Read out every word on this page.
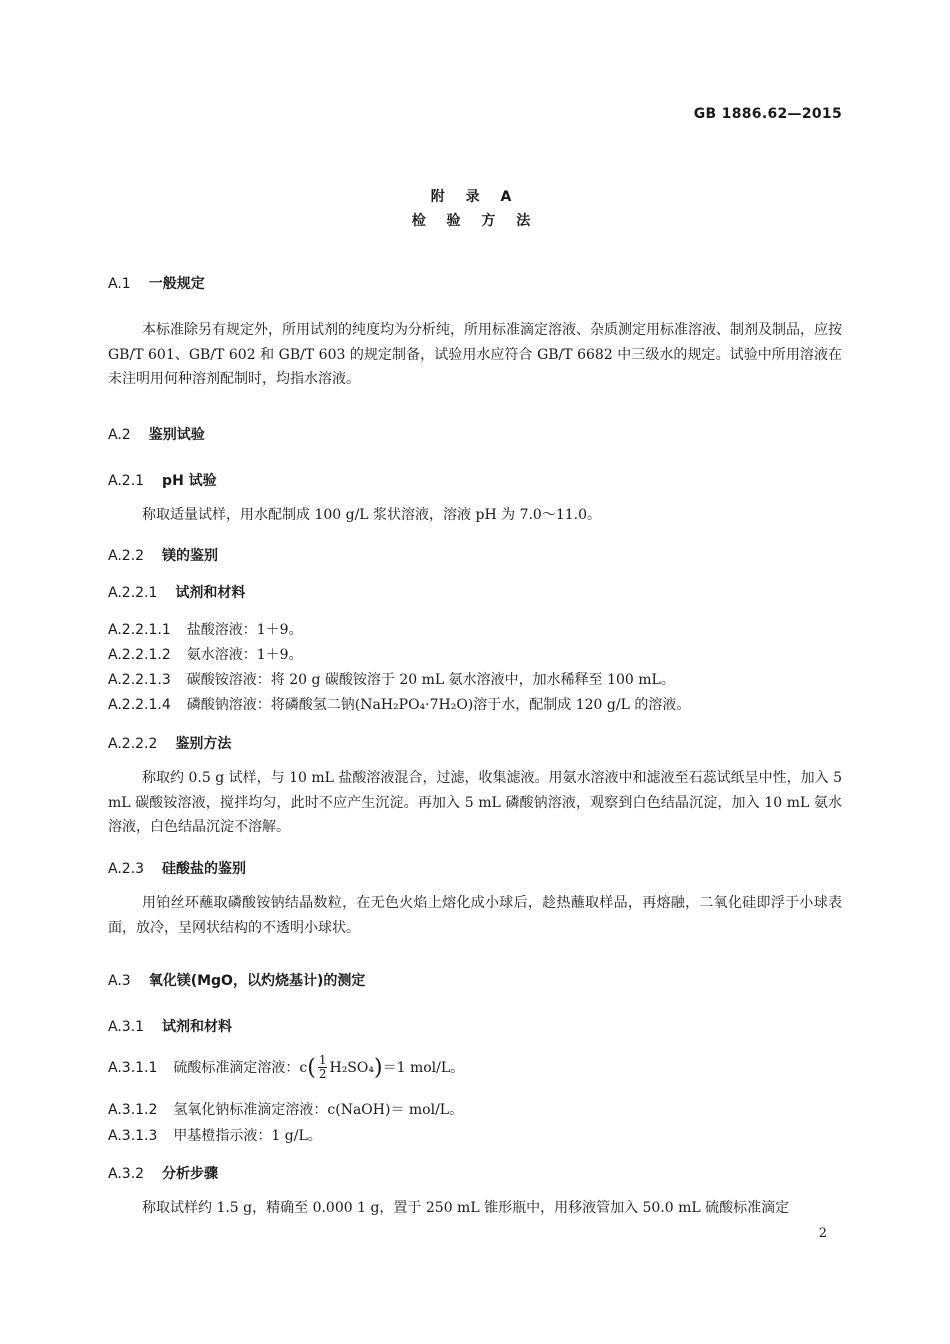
GB 1886.62—2015
附 录 A
检 验 方 法
A.1 一般规定
本标准除另有规定外，所用试剂的纯度均为分析纯，所用标准滴定溶液、杂质测定用标准溶液、制剂及制品，应按 GB/T 601、GB/T 602 和 GB/T 603 的规定制备，试验用水应符合 GB/T 6682 中三级水的规定。试验中所用溶液在未注明用何种溶剂配制时，均指水溶液。
A.2 鉴别试验
A.2.1 pH 试验
称取适量试样，用水配制成 100 g/L 浆状溶液，溶液 pH 为 7.0～11.0。
A.2.2 镁的鉴别
A.2.2.1 试剂和材料
A.2.2.1.1 盐酸溶液：1＋9。
A.2.2.1.2 氨水溶液：1＋9。
A.2.2.1.3 碳酸铵溶液：将 20 g 碳酸铵溶于 20 mL 氨水溶液中，加水稀释至 100 mL。
A.2.2.1.4 磷酸钠溶液：将磷酸氢二钠(NaH₂PO₄·7H₂O)溶于水，配制成 120 g/L 的溶液。
A.2.2.2 鉴别方法
称取约 0.5 g 试样，与 10 mL 盐酸溶液混合，过滤，收集滤液。用氨水溶液中和滤液至石蕊试纸呈中性，加入 5 mL 碳酸铵溶液，搅拌均匀，此时不应产生沉淀。再加入 5 mL 磷酸钠溶液，观察到白色结晶沉淀，加入 10 mL 氨水溶液，白色结晶沉淀不溶解。
A.2.3 硅酸盐的鉴别
用铂丝环蘸取磷酸铵钠结晶数粒，在无色火焰上熔化成小球后，趁热蘸取样品，再熔融，二氧化硅即浮于小球表面，放冷，呈网状结构的不透明小球状。
A.3 氧化镁(MgO，以灼烧基计)的测定
A.3.1 试剂和材料
A.3.1.1 硫酸标准滴定溶液：$c( \frac{1}{2} H_2SO_4)=1$ mol/L。
A.3.1.2 氢氧化钠标准滴定溶液：c(NaOH)＝ mol/L。
A.3.1.3 甲基橙指示液：1 g/L。
A.3.2 分析步骤
称取试样约 1.5 g，精确至 0.000 1 g，置于 250 mL 锥形瓶中，用移液管加入 50.0 mL 硫酸标准滴定
2
